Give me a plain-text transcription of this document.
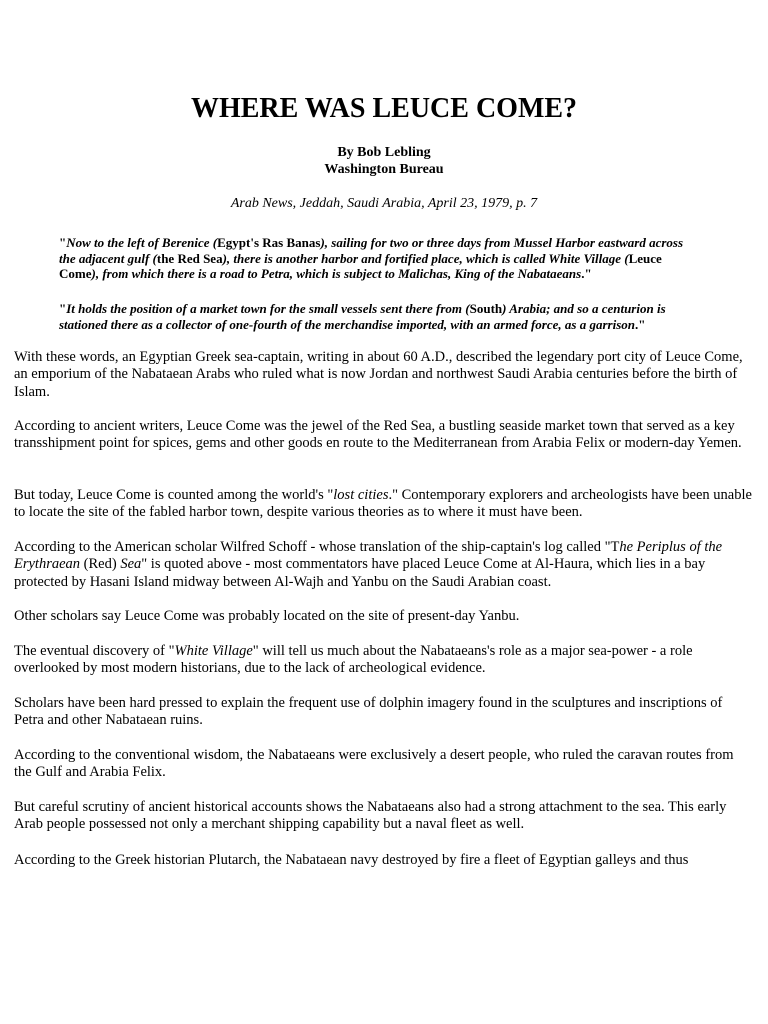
WHERE WAS LEUCE COME?
By Bob Lebling
Washington Bureau
Arab News, Jeddah, Saudi Arabia, April 23, 1979, p. 7
"Now to the left of Berenice (Egypt's Ras Banas), sailing for two or three days from Mussel Harbor eastward across the adjacent gulf (the Red Sea), there is another harbor and fortified place, which is called White Village (Leuce Come), from which there is a road to Petra, which is subject to Malichas, King of the Nabataeans."
"It holds the position of a market town for the small vessels sent there from (South) Arabia; and so a centurion is stationed there as a collector of one-fourth of the merchandise imported, with an armed force, as a garrison."

With these words, an Egyptian Greek sea-captain, writing in about 60 A.D., described the legendary port city of Leuce Come, an emporium of the Nabataean Arabs who ruled what is now Jordan and northwest Saudi Arabia centuries before the birth of Islam.

According to ancient writers, Leuce Come was the jewel of the Red Sea, a bustling seaside market town that served as a key transshipment point for spices, gems and other goods en route to the Mediterranean from Arabia Felix or modern-day Yemen.

But today, Leuce Come is counted among the world's "lost cities." Contemporary explorers and archeologists have been unable to locate the site of the fabled harbor town, despite various theories as to where it must have been.

According to the American scholar Wilfred Schoff - whose translation of the ship-captain's log called "The Periplus of the Erythraean (Red) Sea" is quoted above - most commentators have placed Leuce Come at Al-Haura, which lies in a bay protected by Hasani Island midway between Al-Wajh and Yanbu on the Saudi Arabian coast.

Other scholars say Leuce Come was probably located on the site of present-day Yanbu.

The eventual discovery of "White Village" will tell us much about the Nabataeans's role as a major sea-power - a role overlooked by most modern historians, due to the lack of archeological evidence.

Scholars have been hard pressed to explain the frequent use of dolphin imagery found in the sculptures and inscriptions of Petra and other Nabataean ruins.

According to the conventional wisdom, the Nabataeans were exclusively a desert people, who ruled the caravan routes from the Gulf and Arabia Felix.

But careful scrutiny of ancient historical accounts shows the Nabataeans also had a strong attachment to the sea. This early Arab people possessed not only a merchant shipping capability but a naval fleet as well.

According to the Greek historian Plutarch, the Nabataean navy destroyed by fire a fleet of Egyptian galleys and thus
